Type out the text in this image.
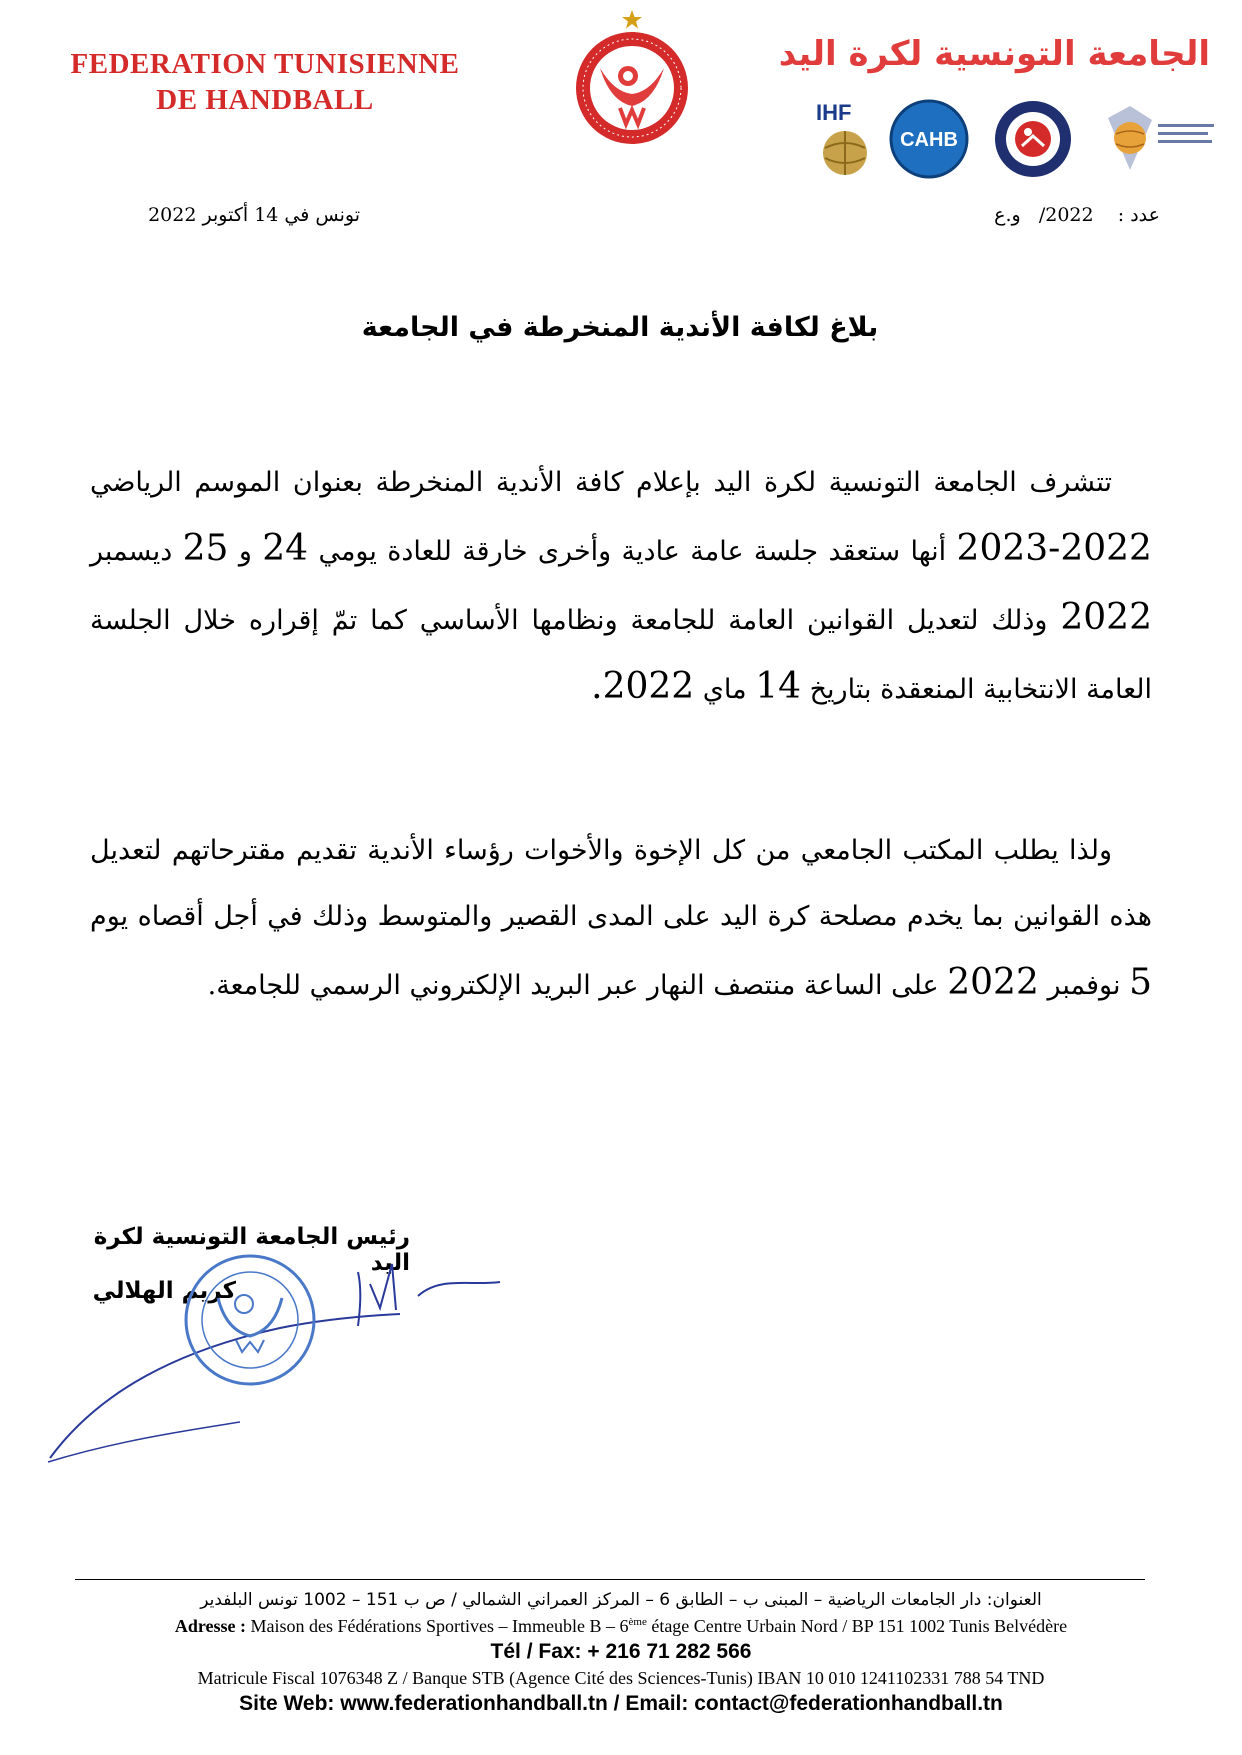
FEDERATION TUNISIENNE
DE HANDBALL
الجامعة التونسية لكرة اليد
IHF
CAHB
تونس في 14 أكتوبر 2022	عدد :    /2022   و.ع
بلاغ لكافة الأندية المنخرطة في الجامعة
تتشرف الجامعة التونسية لكرة اليد بإعلام كافة الأندية المنخرطة بعنوان الموسم الرياضي 2022-2023 أنها ستعقد جلسة عامة عادية وأخرى خارقة للعادة يومي 24 و 25 ديسمبر 2022 وذلك لتعديل القوانين العامة للجامعة ونظامها الأساسي كما تمّ إقراره خلال الجلسة العامة الانتخابية المنعقدة بتاريخ 14 ماي 2022.
ولذا يطلب المكتب الجامعي من كل الإخوة والأخوات رؤساء الأندية تقديم مقترحاتهم لتعديل هذه القوانين بما يخدم مصلحة كرة اليد على المدى القصير والمتوسط وذلك في أجل أقصاه يوم 5 نوفمبر 2022 على الساعة منتصف النهار عبر البريد الإلكتروني الرسمي للجامعة.
رئيس الجامعة التونسية لكرة اليد
كريم الهلالي
العنوان: دار الجامعات الرياضية – المبنى ب – الطابق 6 – المركز العمراني الشمالي / ص ب 151 – 1002 تونس البلفدير
Adresse : Maison des Fédérations Sportives – Immeuble B – 6ème étage Centre Urbain Nord / BP 151 1002 Tunis Belvédère
Tél / Fax: + 216 71 282 566
Matricule Fiscal 1076348 Z / Banque STB (Agence Cité des Sciences-Tunis) IBAN 10 010 1241102331 788 54 TND
Site Web: www.federationhandball.tn / Email: contact@federationhandball.tn
